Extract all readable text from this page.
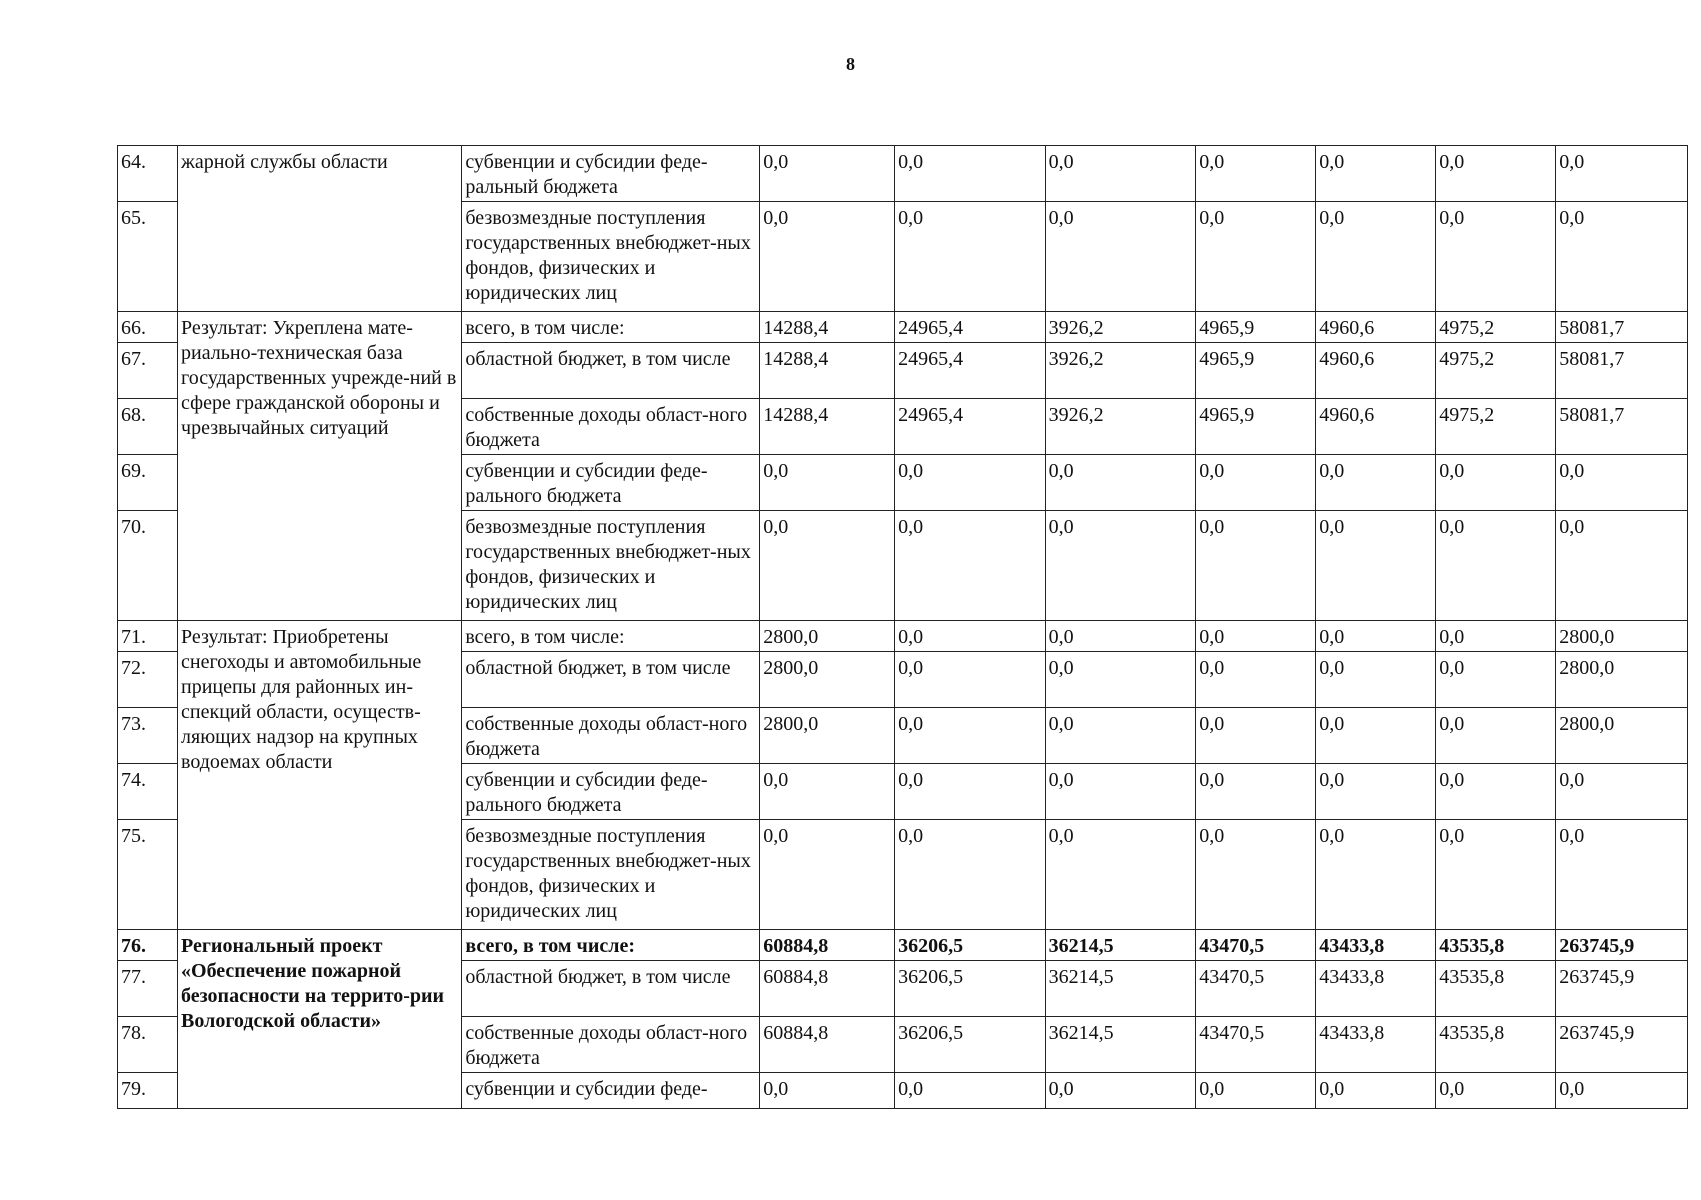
8
64.	жарной службы области	субвенции и субсидии феде-ральный бюджета	0,0	0,0	0,0	0,0	0,0	0,0	0,0
65.		безвозмездные поступления государственных внебюджет-ных фондов, физических и юридических лиц	0,0	0,0	0,0	0,0	0,0	0,0	0,0
66.	Результат: Укреплена мате-риально-техническая база государственных учрежде-ний в сфере гражданской обороны и чрезвычайных ситуаций	всего, в том числе:	14288,4	24965,4	3926,2	4965,9	4960,6	4975,2	58081,7
67.		областной бюджет, в том числе	14288,4	24965,4	3926,2	4965,9	4960,6	4975,2	58081,7
68.		собственные доходы област-ного бюджета	14288,4	24965,4	3926,2	4965,9	4960,6	4975,2	58081,7
69.		субвенции и субсидии феде-рального бюджета	0,0	0,0	0,0	0,0	0,0	0,0	0,0
70.		безвозмездные поступления государственных внебюджет-ных фондов, физических и юридических лиц	0,0	0,0	0,0	0,0	0,0	0,0	0,0
71.	Результат: Приобретены снегоходы и автомобильные прицепы для районных ин-спекций области, осуществ-ляющих надзор на крупных водоемах области	всего, в том числе:	2800,0	0,0	0,0	0,0	0,0	0,0	2800,0
72.		областной бюджет, в том числе	2800,0	0,0	0,0	0,0	0,0	0,0	2800,0
73.		собственные доходы област-ного бюджета	2800,0	0,0	0,0	0,0	0,0	0,0	2800,0
74.		субвенции и субсидии феде-рального бюджета	0,0	0,0	0,0	0,0	0,0	0,0	0,0
75.		безвозмездные поступления государственных внебюджет-ных фондов, физических и юридических лиц	0,0	0,0	0,0	0,0	0,0	0,0	0,0
76.	Региональный проект «Обеспечение пожарной безопасности на террито-рии Вологодской области»	всего, в том числе:	60884,8	36206,5	36214,5	43470,5	43433,8	43535,8	263745,9
77.		областной бюджет, в том числе	60884,8	36206,5	36214,5	43470,5	43433,8	43535,8	263745,9
78.		собственные доходы област-ного бюджета	60884,8	36206,5	36214,5	43470,5	43433,8	43535,8	263745,9
79.		субвенции и субсидии феде-	0,0	0,0	0,0	0,0	0,0	0,0	0,0
